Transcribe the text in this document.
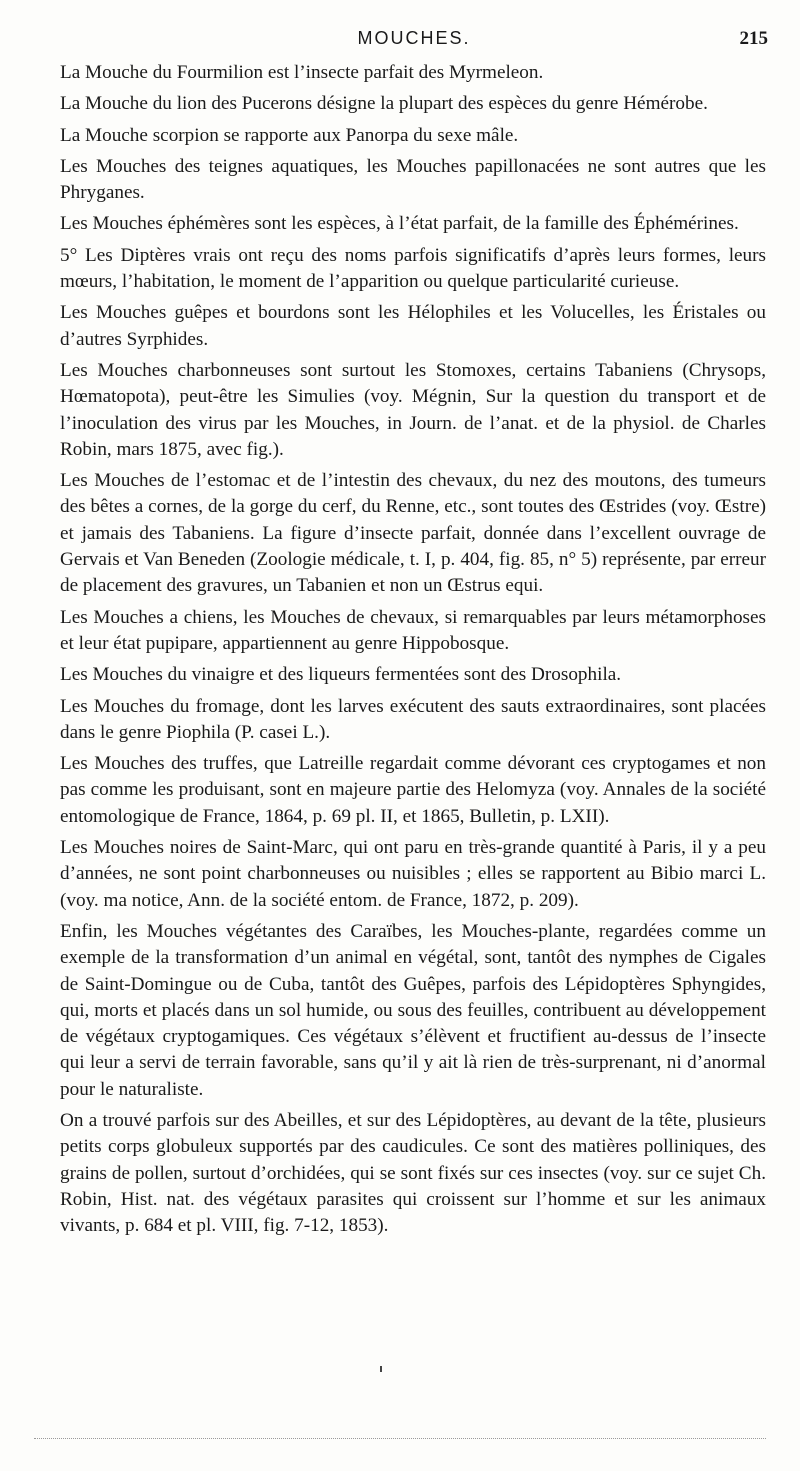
MOUCHES.	215

La Mouche du Fourmilion est l’insecte parfait des Myrmeleon.

La Mouche du lion des Pucerons désigne la plupart des espèces du genre Hémérobe.

La Mouche scorpion se rapporte aux Panorpa du sexe mâle.

Les Mouches des teignes aquatiques, les Mouches papillonacées ne sont autres que les Phryganes.

Les Mouches éphémères sont les espèces, à l’état parfait, de la famille des Éphémérines.

5° Les Diptères vrais ont reçu des noms parfois significatifs d’après leurs formes, leurs mœurs, l’habitation, le moment de l’apparition ou quelque particularité curieuse.

Les Mouches guêpes et bourdons sont les Hélophiles et les Volucelles, les Éristales ou d’autres Syrphides.

Les Mouches charbonneuses sont surtout les Stomoxes, certains Tabaniens (Chrysops, Hœmatopota), peut-être les Simulies (voy. Mégnin, Sur la question du transport et de l’inoculation des virus par les Mouches, in Journ. de l’anat. et de la physiol. de Charles Robin, mars 1875, avec fig.).

Les Mouches de l’estomac et de l’intestin des chevaux, du nez des moutons, des tumeurs des bêtes a cornes, de la gorge du cerf, du Renne, etc., sont toutes des Œstrides (voy. Œstre) et jamais des Tabaniens. La figure d’insecte parfait, donnée dans l’excellent ouvrage de Gervais et Van Beneden (Zoologie médicale, t. I, p. 404, fig. 85, n° 5) représente, par erreur de placement des gravures, un Tabanien et non un Œstrus equi.

Les Mouches a chiens, les Mouches de chevaux, si remarquables par leurs métamorphoses et leur état pupipare, appartiennent au genre Hippobosque.

Les Mouches du vinaigre et des liqueurs fermentées sont des Drosophila.

Les Mouches du fromage, dont les larves exécutent des sauts extraordinaires, sont placées dans le genre Piophila (P. casei L.).

Les Mouches des truffes, que Latreille regardait comme dévorant ces cryptogames et non pas comme les produisant, sont en majeure partie des Helomyza (voy. Annales de la société entomologique de France, 1864, p. 69 pl. II, et 1865, Bulletin, p. LXII).

Les Mouches noires de Saint-Marc, qui ont paru en très-grande quantité à Paris, il y a peu d’années, ne sont point charbonneuses ou nuisibles ; elles se rapportent au Bibio marci L. (voy. ma notice, Ann. de la société entom. de France, 1872, p. 209).

Enfin, les Mouches végétantes des Caraïbes, les Mouches-plante, regardées comme un exemple de la transformation d’un animal en végétal, sont, tantôt des nymphes de Cigales de Saint-Domingue ou de Cuba, tantôt des Guêpes, parfois des Lépidoptères Sphyngides, qui, morts et placés dans un sol humide, ou sous des feuilles, contribuent au développement de végétaux cryptogamiques. Ces végétaux s’élèvent et fructifient au-dessus de l’insecte qui leur a servi de terrain favorable, sans qu’il y ait là rien de très-surprenant, ni d’anormal pour le naturaliste.

On a trouvé parfois sur des Abeilles, et sur des Lépidoptères, au devant de la tête, plusieurs petits corps globuleux supportés par des caudicules. Ce sont des matières polliniques, des grains de pollen, surtout d’orchidées, qui se sont fixés sur ces insectes (voy. sur ce sujet Ch. Robin, Hist. nat. des végétaux parasites qui croissent sur l’homme et sur les animaux vivants, p. 684 et pl. VIII, fig. 7-12, 1853).
